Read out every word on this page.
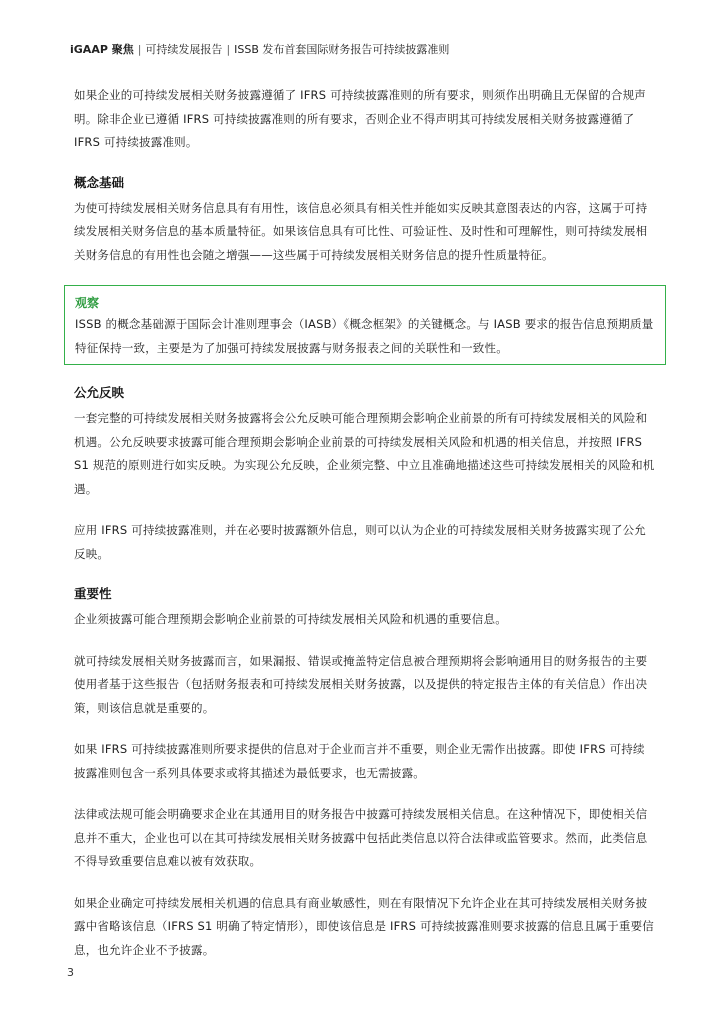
iGAAP 聚焦 | 可持续发展报告 | ISSB 发布首套国际财务报告可持续披露准则

如果企业的可持续发展相关财务披露遵循了 IFRS 可持续披露准则的所有要求，则须作出明确且无保留的合规声明。除非企业已遵循 IFRS 可持续披露准则的所有要求，否则企业不得声明其可持续发展相关财务披露遵循了 IFRS 可持续披露准则。

概念基础

为使可持续发展相关财务信息具有有用性，该信息必须具有相关性并能如实反映其意图表达的内容，这属于可持续发展相关财务信息的基本质量特征。如果该信息具有可比性、可验证性、及时性和可理解性，则可持续发展相关财务信息的有用性也会随之增强——这些属于可持续发展相关财务信息的提升性质量特征。

观察

ISSB 的概念基础源于国际会计准则理事会（IASB）《概念框架》的关键概念。与 IASB 要求的报告信息预期质量特征保持一致，主要是为了加强可持续发展披露与财务报表之间的关联性和一致性。

公允反映

一套完整的可持续发展相关财务披露将会公允反映可能合理预期会影响企业前景的所有可持续发展相关的风险和机遇。公允反映要求披露可能合理预期会影响企业前景的可持续发展相关风险和机遇的相关信息，并按照 IFRS S1 规范的原则进行如实反映。为实现公允反映，企业须完整、中立且准确地描述这些可持续发展相关的风险和机遇。

应用 IFRS 可持续披露准则，并在必要时披露额外信息，则可以认为企业的可持续发展相关财务披露实现了公允反映。

重要性

企业须披露可能合理预期会影响企业前景的可持续发展相关风险和机遇的重要信息。

就可持续发展相关财务披露而言，如果漏报、错误或掩盖特定信息被合理预期将会影响通用目的财务报告的主要使用者基于这些报告（包括财务报表和可持续发展相关财务披露，以及提供的特定报告主体的有关信息）作出决策，则该信息就是重要的。

如果 IFRS 可持续披露准则所要求提供的信息对于企业而言并不重要，则企业无需作出披露。即使 IFRS 可持续披露准则包含一系列具体要求或将其描述为最低要求，也无需披露。

法律或法规可能会明确要求企业在其通用目的财务报告中披露可持续发展相关信息。在这种情况下，即使相关信息并不重大，企业也可以在其可持续发展相关财务披露中包括此类信息以符合法律或监管要求。然而，此类信息不得导致重要信息难以被有效获取。

如果企业确定可持续发展相关机遇的信息具有商业敏感性，则在有限情况下允许企业在其可持续发展相关财务披露中省略该信息（IFRS S1 明确了特定情形），即使该信息是 IFRS 可持续披露准则要求披露的信息且属于重要信息，也允许企业不予披露。

3
